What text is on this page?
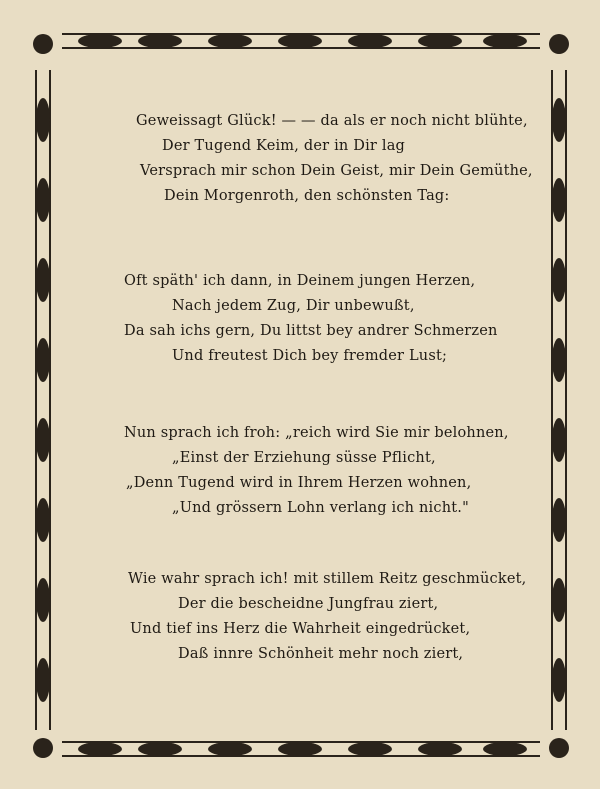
Geweissagt Glück! — — da als er noch nicht blühte,
Der Tugend Keim, der in Dir lag
Versprach mir schon Dein Geist, mir Dein Gemüthe,
Dein Morgenroth, den schönsten Tag:
Oft späth' ich dann, in Deinem jungen Herzen,
Nach jedem Zug, Dir unbewußt,
Da sah ichs gern, Du littst bey andrer Schmerzen
Und freutest Dich bey fremder Lust;
Nun sprach ich froh: „reich wird Sie mir belohnen,
„Einst der Erziehung süsse Pflicht,
„Denn Tugend wird in Ihrem Herzen wohnen,
„Und grössern Lohn verlang ich nicht."
Wie wahr sprach ich! mit stillem Reitz geschmücket,
Der die bescheidne Jungfrau ziert,
Und tief ins Herz die Wahrheit eingedrücket,
Daß innre Schönheit mehr noch ziert,
